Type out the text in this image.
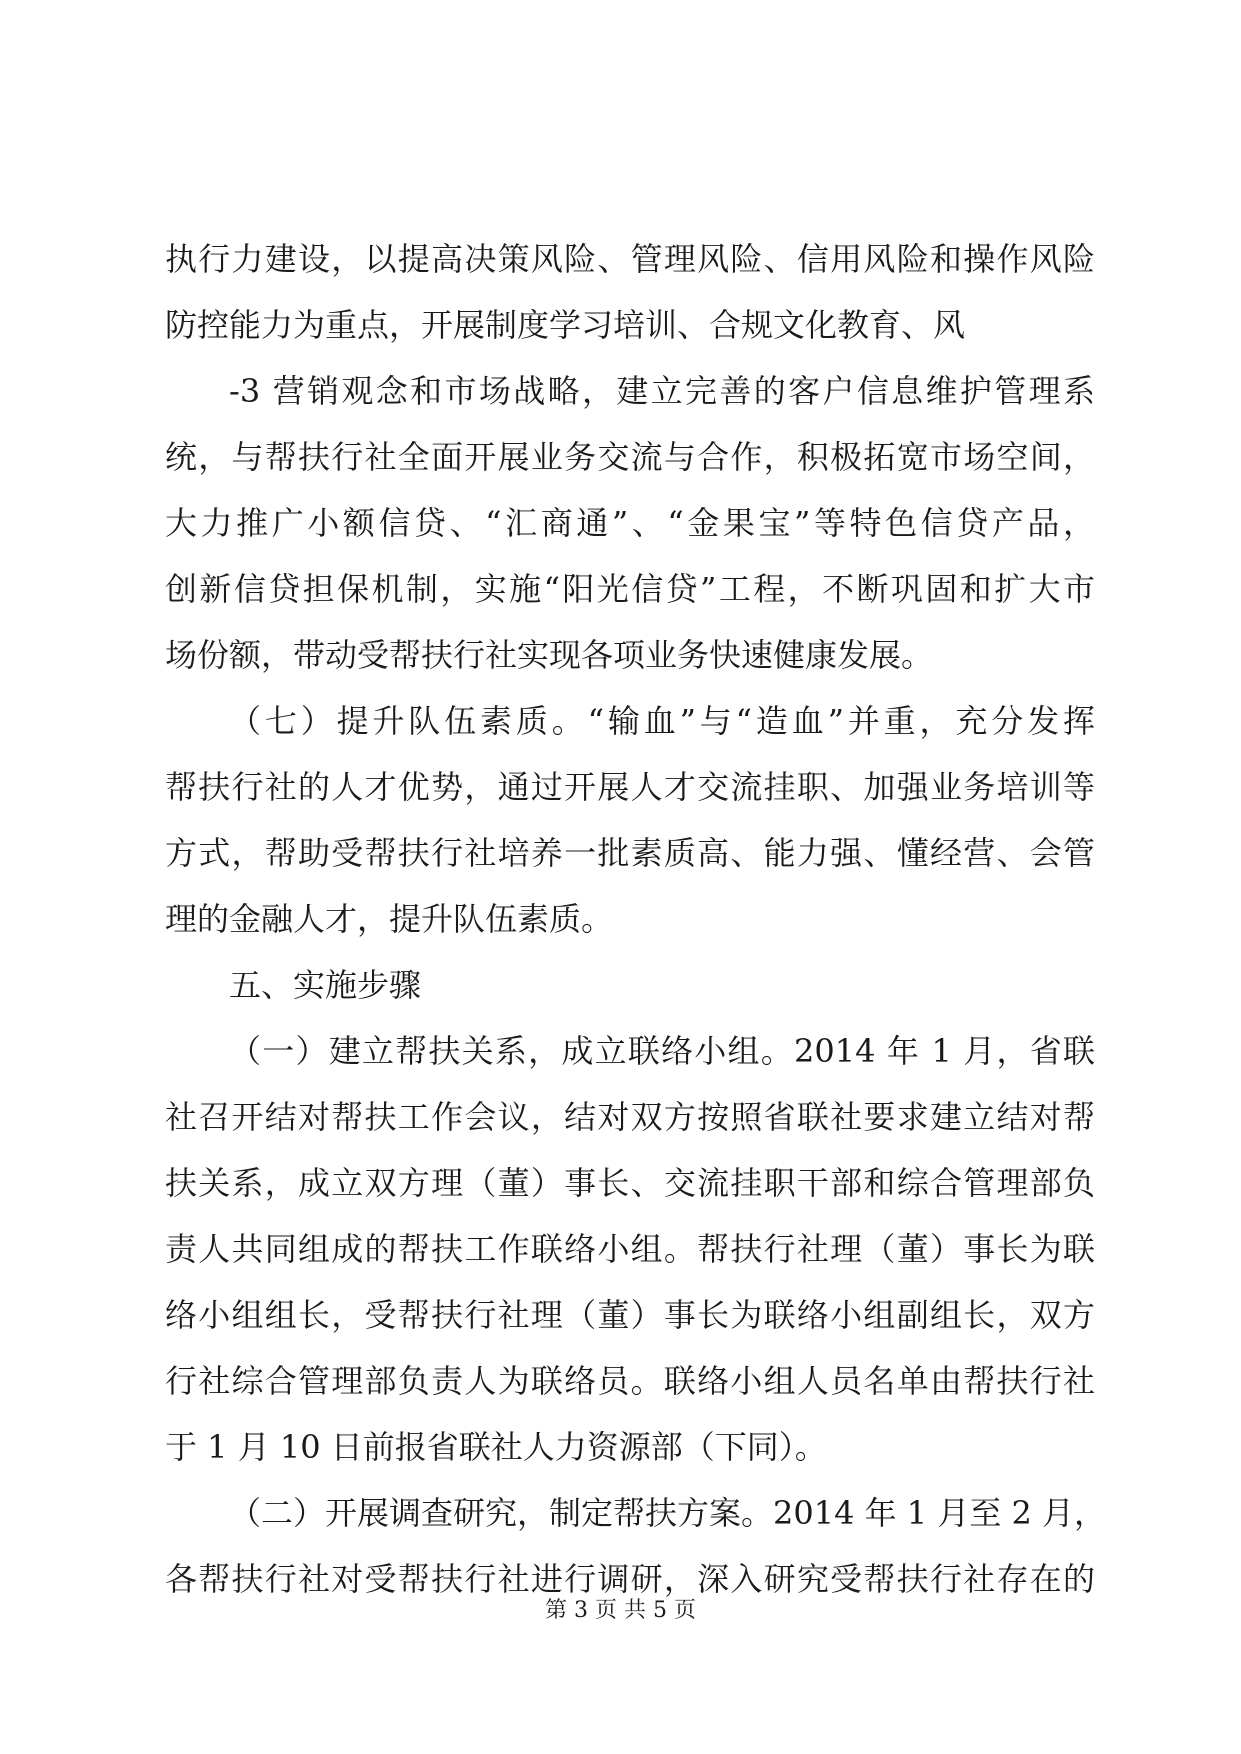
执行力建设，以提高决策风险、管理风险、信用风险和操作风险
防控能力为重点，开展制度学习培训、合规文化教育、风
-3 营销观念和市场战略，建立完善的客户信息维护管理系
统，与帮扶行社全面开展业务交流与合作，积极拓宽市场空间，
大力推广小额信贷、“汇商通”、“金果宝”等特色信贷产品，
创新信贷担保机制，实施“阳光信贷”工程，不断巩固和扩大市
场份额，带动受帮扶行社实现各项业务快速健康发展。
（七）提升队伍素质。“输血”与“造血”并重，充分发挥
帮扶行社的人才优势，通过开展人才交流挂职、加强业务培训等
方式，帮助受帮扶行社培养一批素质高、能力强、懂经营、会管
理的金融人才，提升队伍素质。
五、实施步骤
（一）建立帮扶关系，成立联络小组。2014 年 1 月，省联
社召开结对帮扶工作会议，结对双方按照省联社要求建立结对帮
扶关系，成立双方理（董）事长、交流挂职干部和综合管理部负
责人共同组成的帮扶工作联络小组。帮扶行社理（董）事长为联
络小组组长，受帮扶行社理（董）事长为联络小组副组长，双方
行社综合管理部负责人为联络员。联络小组人员名单由帮扶行社
于 1 月 10 日前报省联社人力资源部（下同）。
（二）开展调查研究，制定帮扶方案。2014 年 1 月至 2 月，
各帮扶行社对受帮扶行社进行调研，深入研究受帮扶行社存在的
第 3 页 共 5 页
